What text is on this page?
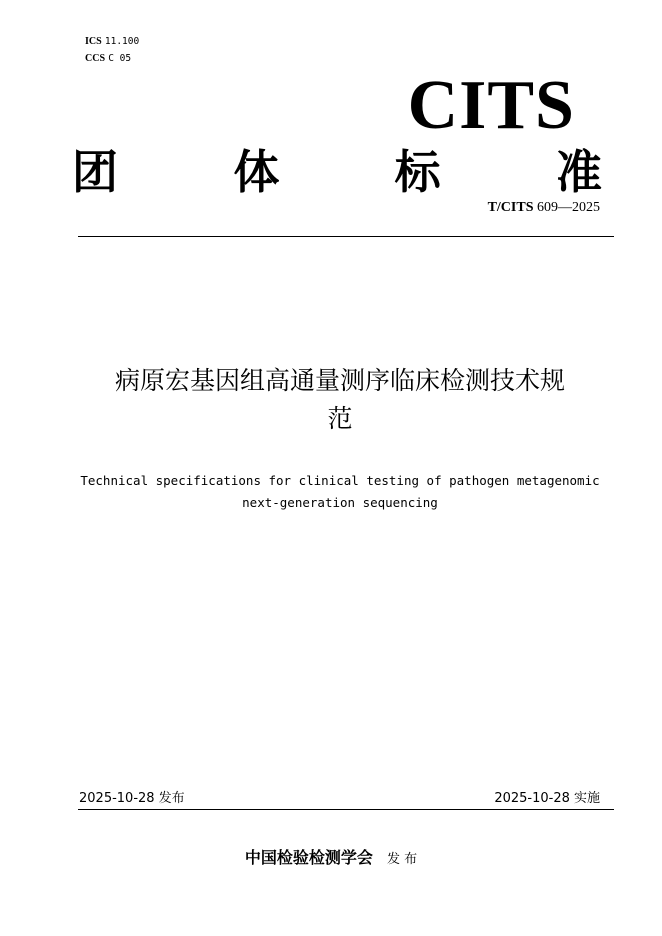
ICS 11.100
CCS C 05
CITS
团	体	标	准
T/CITS 609—2025
病原宏基因组高通量测序临床检测技术规
范
Technical specifications for clinical testing of pathogen metagenomic
next-generation sequencing
2025-10-28 发布	2025-10-28 实施
中国检验检测学会 发 布
